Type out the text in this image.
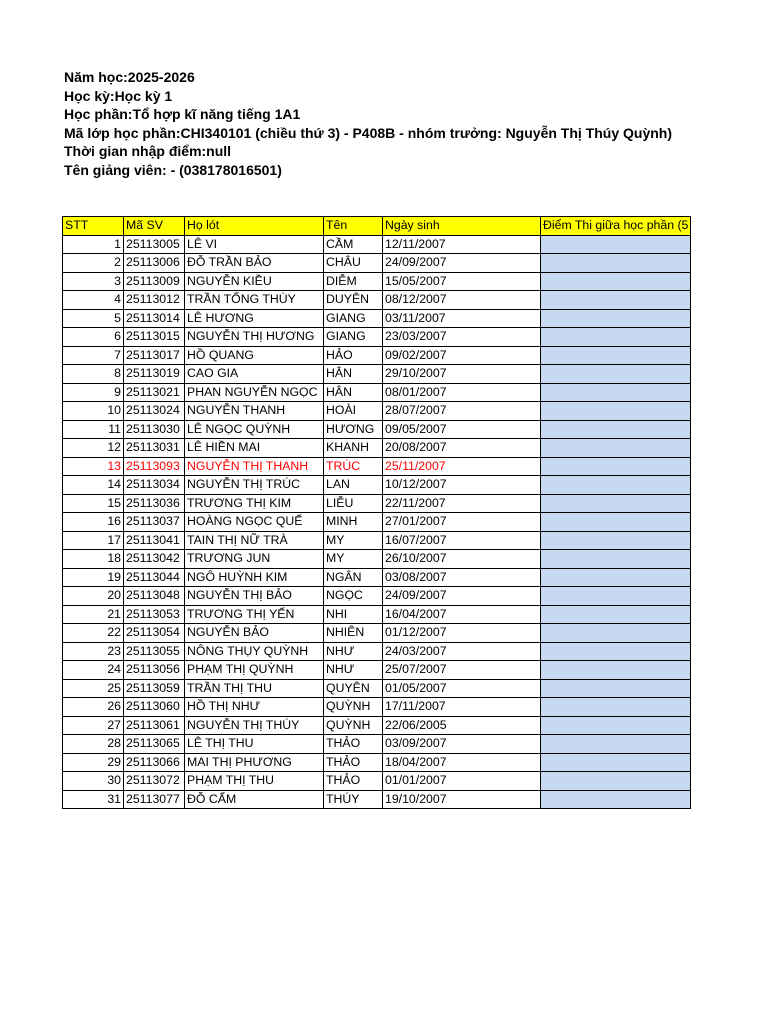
Năm học:2025-2026
Học kỳ:Học kỳ 1
Học phần:Tổ hợp kĩ năng tiếng 1A1
Mã lớp học phần:CHI340101 (chiều thứ 3) - P408B - nhóm trưởng: Nguyễn Thị Thúy Quỳnh)
Thời gian nhập điểm:null
Tên giảng viên: - (038178016501)
STT	Mã SV	Họ lót	Tên	Ngày sinh	Điểm Thi giữa học phần (5
1	25113005	LÊ VI	CẦM	12/11/2007	
2	25113006	ĐỖ TRẦN BẢO	CHÂU	24/09/2007	
3	25113009	NGUYỄN KIỀU	DIỄM	15/05/2007	
4	25113012	TRẦN TỐNG THÙY	DUYÊN	08/12/2007	
5	25113014	LÊ HƯƠNG	GIANG	03/11/2007	
6	25113015	NGUYỄN THỊ HƯƠNG	GIANG	23/03/2007	
7	25113017	HỒ QUANG	HẢO	09/02/2007	
8	25113019	CAO GIA	HÂN	29/10/2007	
9	25113021	PHAN NGUYỄN NGỌC	HÂN	08/01/2007	
10	25113024	NGUYỄN THANH	HOÀI	28/07/2007	
11	25113030	LÊ NGỌC QUỲNH	HƯƠNG	09/05/2007	
12	25113031	LÊ HIỀN MAI	KHANH	20/08/2007	
13	25113093	NGUYỄN THỊ THANH	TRÚC	25/11/2007	
14	25113034	NGUYỄN THỊ TRÚC	LAN	10/12/2007	
15	25113036	TRƯƠNG THỊ KIM	LIỄU	22/11/2007	
16	25113037	HOÀNG NGỌC QUẾ	MINH	27/01/2007	
17	25113041	TAIN THỊ NỮ TRÀ	MY	16/07/2007	
18	25113042	TRƯƠNG JUN	MY	26/10/2007	
19	25113044	NGÔ HUỲNH KIM	NGÂN	03/08/2007	
20	25113048	NGUYỄN THỊ BẢO	NGỌC	24/09/2007	
21	25113053	TRƯƠNG THỊ YẾN	NHI	16/04/2007	
22	25113054	NGUYỄN BẢO	NHIÊN	01/12/2007	
23	25113055	NÔNG THỤY QUỲNH	NHƯ	24/03/2007	
24	25113056	PHẠM THỊ QUỲNH	NHƯ	25/07/2007	
25	25113059	TRẦN THỊ THU	QUYÊN	01/05/2007	
26	25113060	HỒ THỊ NHƯ	QUỲNH	17/11/2007	
27	25113061	NGUYỄN THỊ THÚY	QUỲNH	22/06/2005	
28	25113065	LÊ THỊ THU	THẢO	03/09/2007	
29	25113066	MAI THỊ PHƯƠNG	THẢO	18/04/2007	
30	25113072	PHẠM THỊ THU	THẢO	01/01/2007	
31	25113077	ĐỖ CẨM	THÚY	19/10/2007	
